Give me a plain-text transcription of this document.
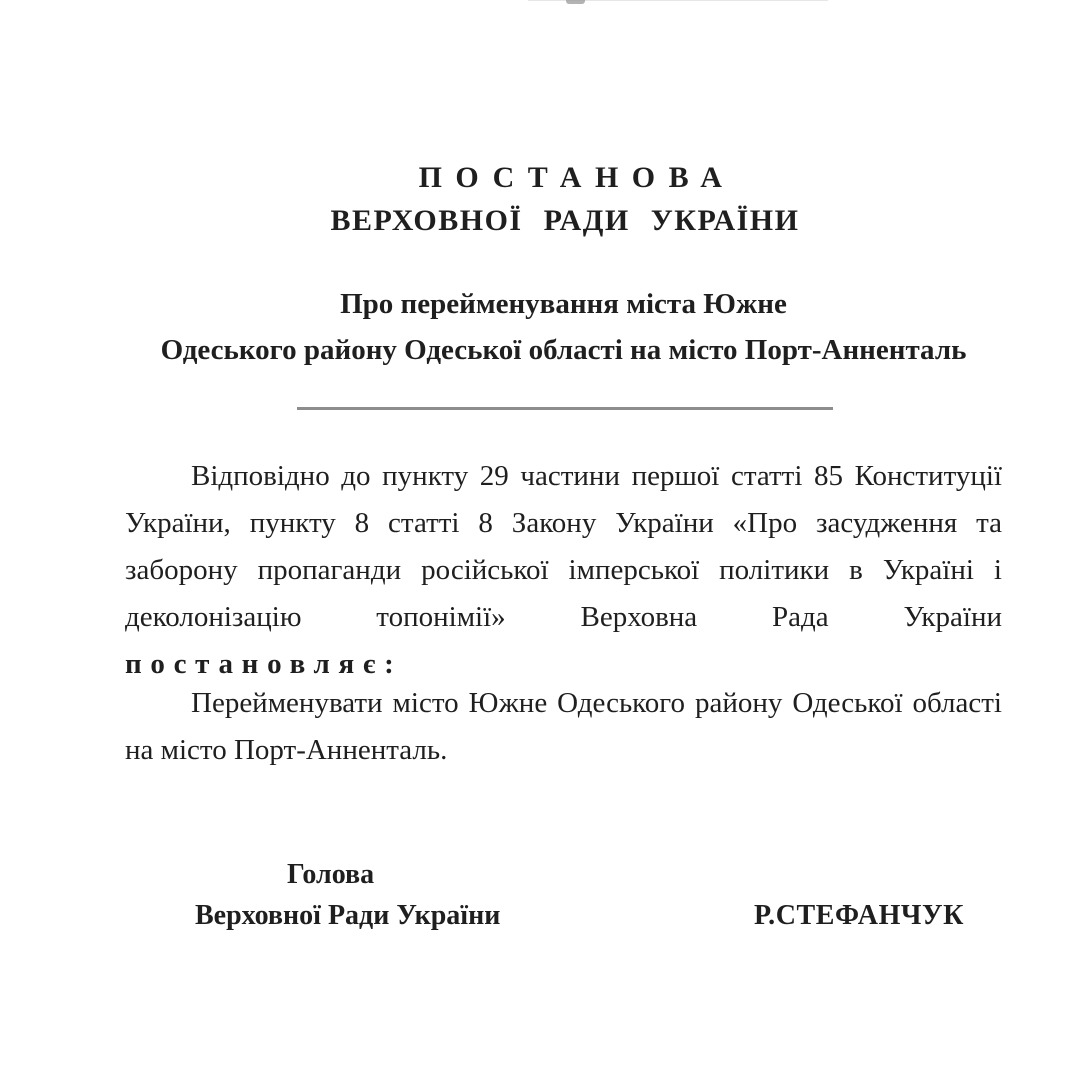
ПОСТАНОВА
ВЕРХОВНОЇ РАДИ УКРАЇНИ
Про перейменування міста Южне
Одеського району Одеської області на місто Порт-Анненталь

Відповідно до пункту 29 частини першої статті 85 Конституції України, пункту 8 статті 8 Закону України «Про засудження та заборону пропаганди російської імперської політики в Україні і деколонізацію топонімії» Верховна Рада України постановляє:

Перейменувати місто Южне Одеського району Одеської області на місто Порт-Анненталь.

Голова
Верховної Ради України	Р.СТЕФАНЧУК
